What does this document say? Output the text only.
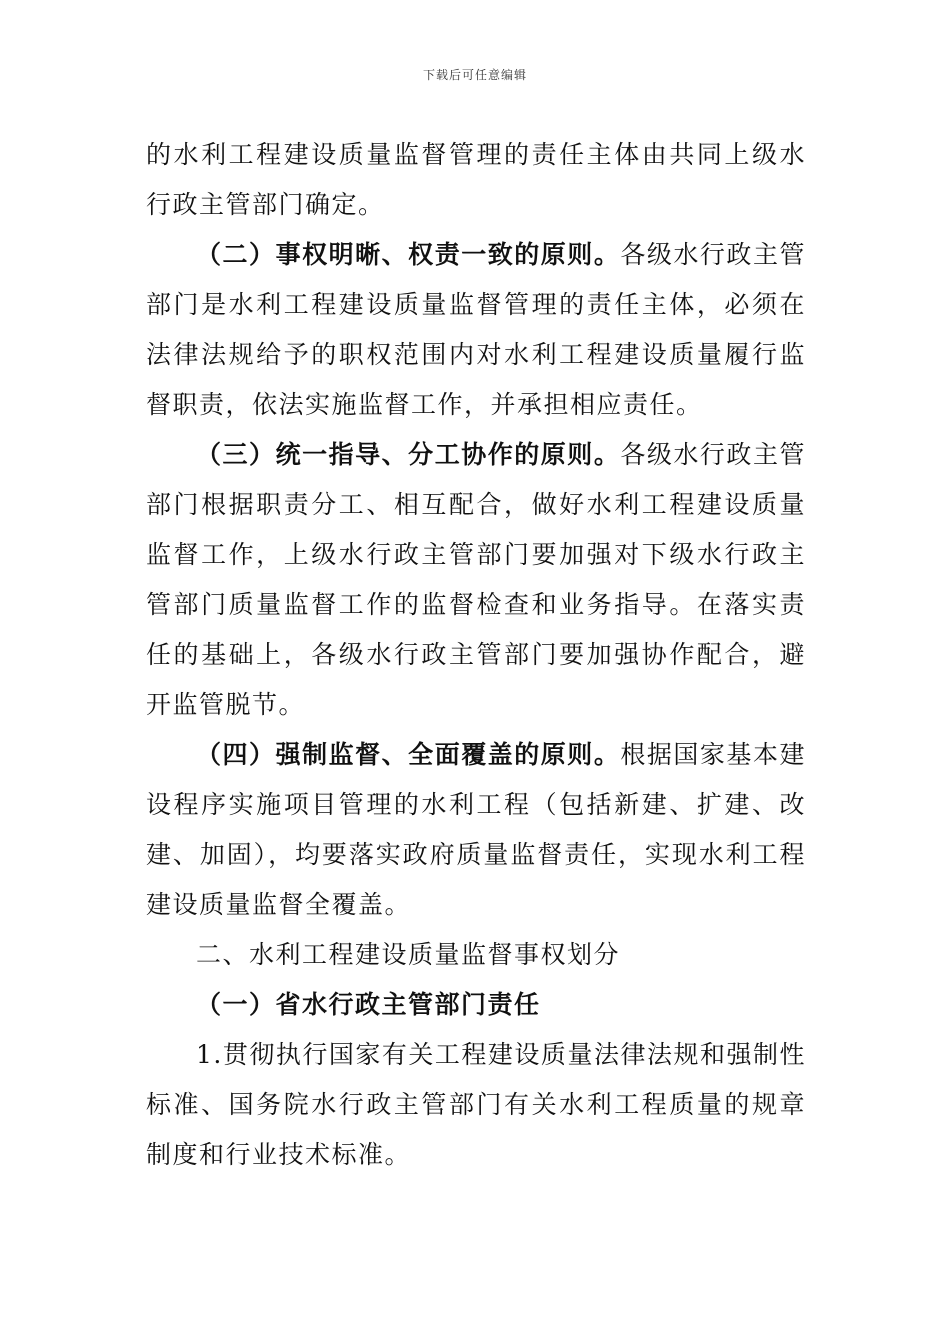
下载后可任意编辑

的水利工程建设质量监督管理的责任主体由共同上级水行政主管部门确定。

（二）事权明晰、权责一致的原则。各级水行政主管部门是水利工程建设质量监督管理的责任主体，必须在法律法规给予的职权范围内对水利工程建设质量履行监督职责，依法实施监督工作，并承担相应责任。

（三）统一指导、分工协作的原则。各级水行政主管部门根据职责分工、相互配合，做好水利工程建设质量监督工作，上级水行政主管部门要加强对下级水行政主管部门质量监督工作的监督检查和业务指导。在落实责任的基础上，各级水行政主管部门要加强协作配合，避开监管脱节。

（四）强制监督、全面覆盖的原则。根据国家基本建设程序实施项目管理的水利工程（包括新建、扩建、改建、加固），均要落实政府质量监督责任，实现水利工程建设质量监督全覆盖。

二、水利工程建设质量监督事权划分

（一）省水行政主管部门责任

1.贯彻执行国家有关工程建设质量法律法规和强制性标准、国务院水行政主管部门有关水利工程质量的规章制度和行业技术标准。
